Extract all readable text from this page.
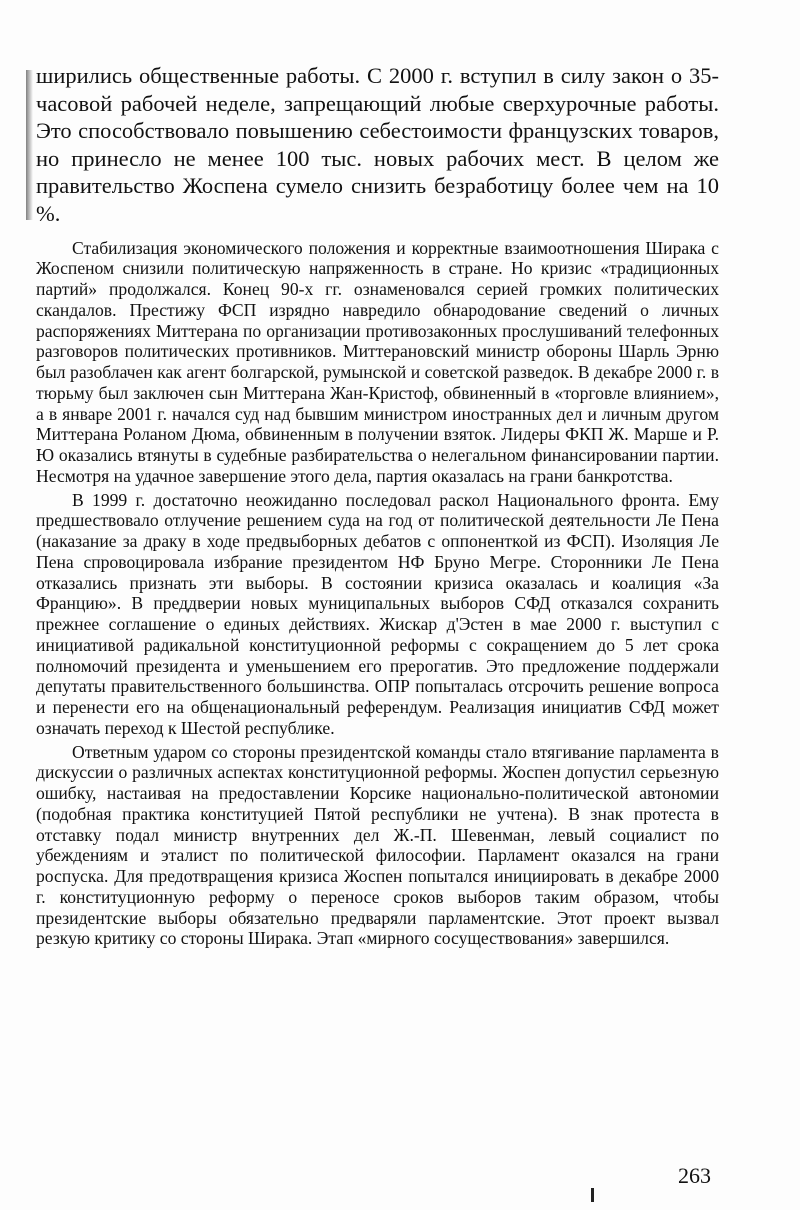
ширились общественные работы. С 2000 г. вступил в силу закон о 35-часовой рабочей неделе, запрещающий любые сверхурочные работы. Это способствовало повышению себестоимости французских товаров, но принесло не менее 100 тыс. новых рабочих мест. В целом же правительство Жоспена сумело снизить безработицу более чем на 10 %.

Стабилизация экономического положения и корректные взаимоотношения Ширака с Жоспеном снизили политическую напряженность в стране. Но кризис «традиционных партий» продолжался. Конец 90-х гг. ознаменовался серией громких политических скандалов. Престижу ФСП изрядно навредило обнародование сведений о личных распоряжениях Миттерана по организации противозаконных прослушиваний телефонных разговоров политических противников. Миттерановский министр обороны Шарль Эрню был разоблачен как агент болгарской, румынской и советской разведок. В декабре 2000 г. в тюрьму был заключен сын Миттерана Жан-Кристоф, обвиненный в «торговле влиянием», а в январе 2001 г. начался суд над бывшим министром иностранных дел и личным другом Миттерана Роланом Дюма, обвиненным в получении взяток. Лидеры ФКП Ж. Марше и Р. Ю оказались втянуты в судебные разбирательства о нелегальном финансировании партии. Несмотря на удачное завершение этого дела, партия оказалась на грани банкротства.

В 1999 г. достаточно неожиданно последовал раскол Национального фронта. Ему предшествовало отлучение решением суда на год от политической деятельности Ле Пена (наказание за драку в ходе предвыборных дебатов с оппоненткой из ФСП). Изоляция Ле Пена спровоцировала избрание президентом НФ Бруно Мегре. Сторонники Ле Пена отказались признать эти выборы. В состоянии кризиса оказалась и коалиция «За Францию». В преддверии новых муниципальных выборов СФД отказался сохранить прежнее соглашение о единых действиях. Жискар д'Эстен в мае 2000 г. выступил с инициативой радикальной конституционной реформы с сокращением до 5 лет срока полномочий президента и уменьшением его прерогатив. Это предложение поддержали депутаты правительственного большинства. ОПР попыталась отсрочить решение вопроса и перенести его на общенациональный референдум. Реализация инициатив СФД может означать переход к Шестой республике.

Ответным ударом со стороны президентской команды стало втягивание парламента в дискуссии о различных аспектах конституционной реформы. Жоспен допустил серьезную ошибку, настаивая на предоставлении Корсике национально-политической автономии (подобная практика конституцией Пятой республики не учтена). В знак протеста в отставку подал министр внутренних дел Ж.-П. Шевенман, левый социалист по убеждениям и эталист по политической философии. Парламент оказался на грани роспуска. Для предотвращения кризиса Жоспен попытался инициировать в декабре 2000 г. конституционную реформу о переносе сроков выборов таким образом, чтобы президентские выборы обязательно предваряли парламентские. Этот проект вызвал резкую критику со стороны Ширака. Этап «мирного сосуществования» завершился.

263
